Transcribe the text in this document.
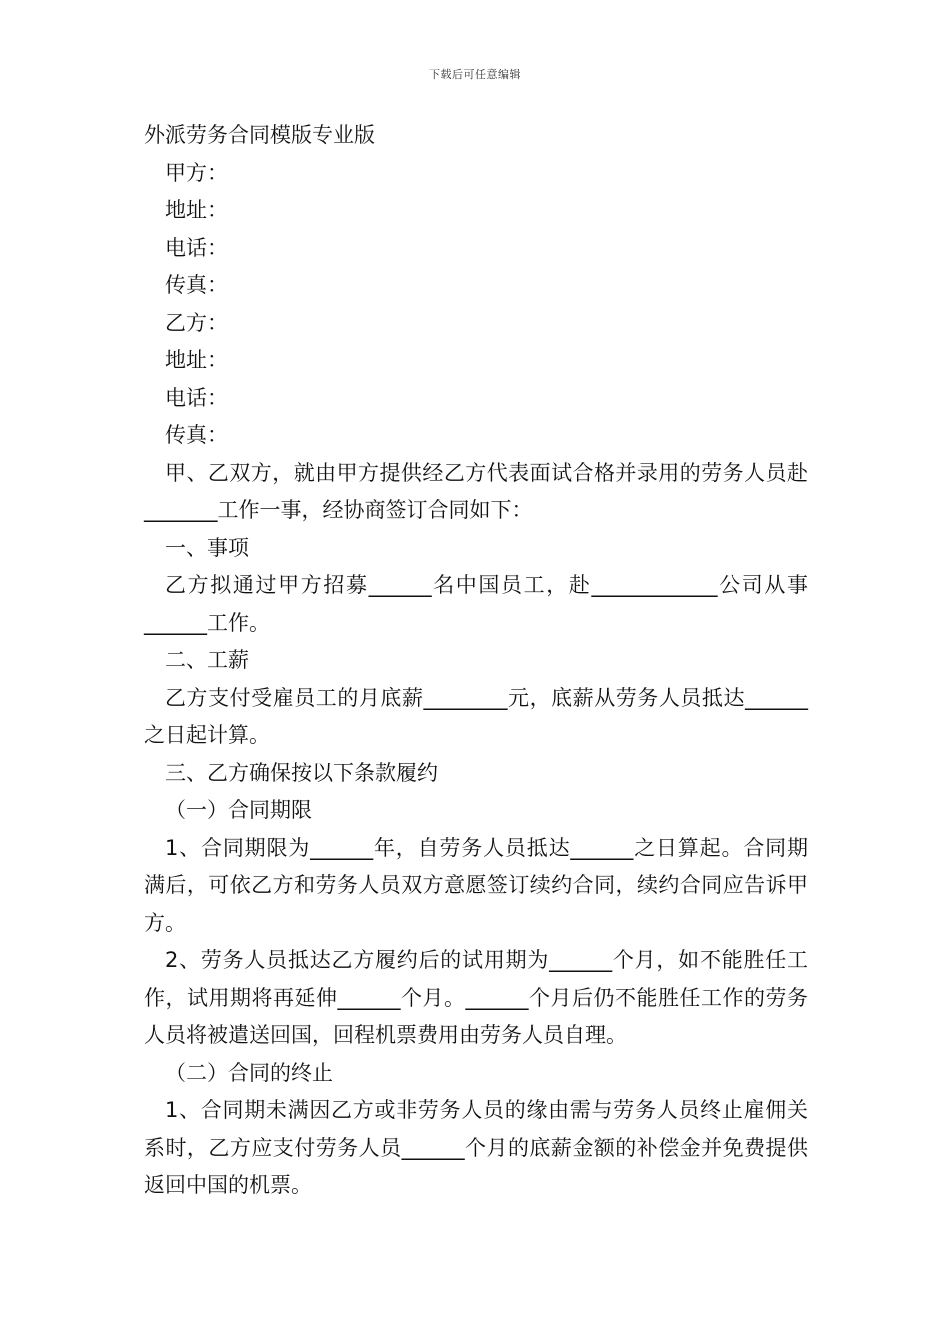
下载后可任意编辑

外派劳务合同模版专业版

甲方：

地址：

电话：

传真：

乙方：

地址：

电话：

传真：

甲、乙双方，就由甲方提供经乙方代表面试合格并录用的劳务人员赴_______工作一事，经协商签订合同如下：

一、事项

乙方拟通过甲方招募______名中国员工，赴____________公司从事______工作。

二、工薪

乙方支付受雇员工的月底薪________元，底薪从劳务人员抵达______之日起计算。

三、乙方确保按以下条款履约

（一）合同期限

1、合同期限为______年，自劳务人员抵达______之日算起。合同期满后，可依乙方和劳务人员双方意愿签订续约合同，续约合同应告诉甲方。

2、劳务人员抵达乙方履约后的试用期为______个月，如不能胜任工作，试用期将再延伸______个月。______个月后仍不能胜任工作的劳务人员将被遣送回国，回程机票费用由劳务人员自理。

（二）合同的终止

1、合同期未满因乙方或非劳务人员的缘由需与劳务人员终止雇佣关系时，乙方应支付劳务人员______个月的底薪金额的补偿金并免费提供返回中国的机票。
